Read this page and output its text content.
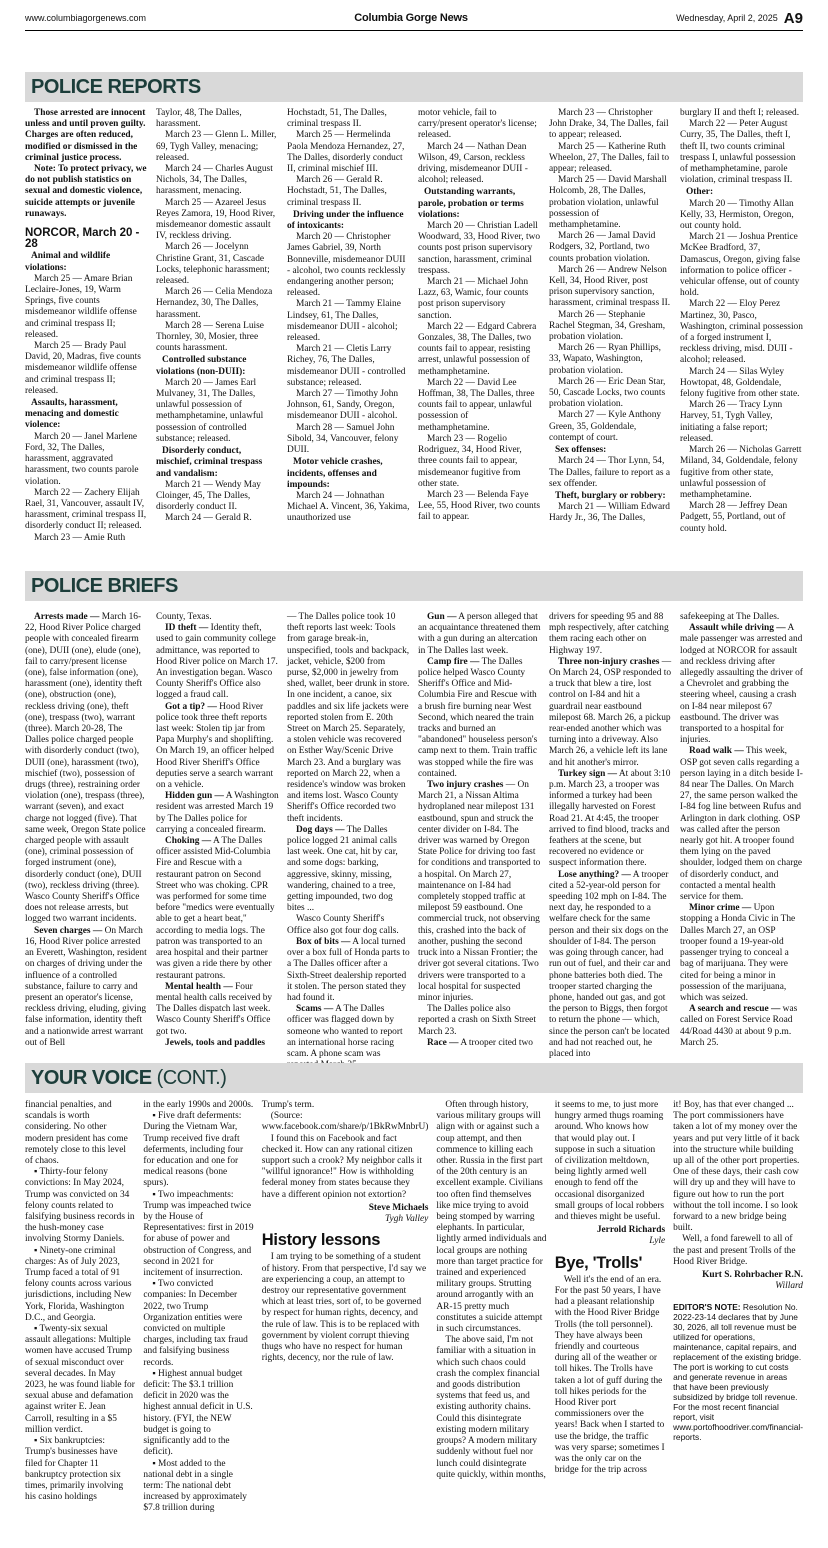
www.columbiagorgenews.com	Columbia Gorge News	Wednesday, April 2, 2025 A9
POLICE REPORTS

Those arrested are innocent unless and until proven guilty. Charges are often reduced, modified or dismissed in the criminal justice process.

Note: To protect privacy, we do not publish statistics on sexual and domestic violence, suicide attempts or juvenile runaways.

NORCOR, March 20 - 28

Animal and wildlife violations:

March 25 — Amare Brian Leclaire-Jones, 19, Warm Springs, five counts misdemeanor wildlife offense and criminal trespass II; released.

March 25 — Brady Paul David, 20, Madras, five counts misdemeanor wildlife offense and criminal trespass II; released.

Assaults, harassment, menacing and domestic violence:

March 20 — Janel Marlene Ford, 32, The Dalles, harassment, aggravated harassment, two counts parole violation.

March 22 — Zachery Elijah Rael, 31, Vancouver, assault IV, harassment, criminal trespass II, disorderly conduct II; released.

March 23 — Amie Ruth

Taylor, 48, The Dalles, harassment.

March 23 — Glenn L. Miller, 69, Tygh Valley, menacing; released.

March 24 — Charles August Nichols, 34, The Dalles, harassment, menacing.

March 25 — Azareel Jesus Reyes Zamora, 19, Hood River, misdemeanor domestic assault IV, reckless driving.

March 26 — Jocelynn Christine Grant, 31, Cascade Locks, telephonic harassment; released.

March 26 — Celia Mendoza Hernandez, 30, The Dalles, harassment.

March 28 — Serena Luise Thornley, 30, Mosier, three counts harassment.

Controlled substance violations (non-DUII):

March 20 — James Earl Mulvaney, 31, The Dalles, unlawful possession of methamphetamine, unlawful possession of controlled substance; released.

Disorderly conduct, mischief, criminal trespass and vandalism:

March 21 — Wendy May Cloinger, 45, The Dalles, disorderly conduct II.

March 24 — Gerald R.

Hochstadt, 51, The Dalles, criminal trespass II.

March 25 — Hermelinda Paola Mendoza Hernandez, 27, The Dalles, disorderly conduct II, criminal mischief III.

March 26 — Gerald R. Hochstadt, 51, The Dalles, criminal trespass II.

Driving under the influence of intoxicants:

March 20 — Christopher James Gabriel, 39, North Bonneville, misdemeanor DUII - alcohol, two counts recklessly endangering another person; released.

March 21 — Tammy Elaine Lindsey, 61, The Dalles, misdemeanor DUII - alcohol; released.

March 21 — Cletis Larry Richey, 76, The Dalles, misdemeanor DUII - controlled substance; released.

March 27 — Timothy John Johnson, 61, Sandy, Oregon, misdemeanor DUII - alcohol.

March 28 — Samuel John Sibold, 34, Vancouver, felony DUII.

Motor vehicle crashes, incidents, offenses and impounds:

March 24 — Johnathan Michael A. Vincent, 36, Yakima, unauthorized use

motor vehicle, fail to carry/present operator's license; released.

March 24 — Nathan Dean Wilson, 49, Carson, reckless driving, misdemeanor DUII - alcohol; released.

Outstanding warrants, parole, probation or terms violations:

March 20 — Christian Ladell Woodward, 33, Hood River, two counts post prison supervisory sanction, harassment, criminal trespass.

March 21 — Michael John Lazz, 63, Wamic, four counts post prison supervisory sanction.

March 22 — Edgard Cabrera Gonzales, 38, The Dalles, two counts fail to appear, resisting arrest, unlawful possession of methamphetamine.

March 22 — David Lee Hoffman, 38, The Dalles, three counts fail to appear, unlawful possession of methamphetamine.

March 23 — Rogelio Rodriguez, 34, Hood River, three counts fail to appear, misdemeanor fugitive from other state.

March 23 — Belenda Faye Lee, 55, Hood River, two counts fail to appear.

March 23 — Christopher John Drake, 34, The Dalles, fail to appear; released.

March 25 — Katherine Ruth Wheelon, 27, The Dalles, fail to appear; released.

March 25 — David Marshall Holcomb, 28, The Dalles, probation violation, unlawful possession of methamphetamine.

March 26 — Jamal David Rodgers, 32, Portland, two counts probation violation.

March 26 — Andrew Nelson Kell, 34, Hood River, post prison supervisory sanction, harassment, criminal trespass II.

March 26 — Stephanie Rachel Stegman, 34, Gresham, probation violation.

March 26 — Ryan Phillips, 33, Wapato, Washington, probation violation.

March 26 — Eric Dean Star, 50, Cascade Locks, two counts probation violation.

March 27 — Kyle Anthony Green, 35, Goldendale, contempt of court.

Sex offenses:

March 24 — Thor Lynn, 54, The Dalles, failure to report as a sex offender.

Theft, burglary or robbery:

March 21 — William Edward Hardy Jr., 36, The Dalles,

burglary II and theft I; released.

March 22 — Peter August Curry, 35, The Dalles, theft I, theft II, two counts criminal trespass I, unlawful possession of methamphetamine, parole violation, criminal trespass II.

Other:

March 20 — Timothy Allan Kelly, 33, Hermiston, Oregon, out county hold.

March 21 — Joshua Prentice McKee Bradford, 37, Damascus, Oregon, giving false information to police officer - vehicular offense, out of county hold.

March 22 — Eloy Perez Martinez, 30, Pasco, Washington, criminal possession of a forged instrument I, reckless driving, misd. DUII - alcohol; released.

March 24 — Silas Wyley Howtopat, 48, Goldendale, felony fugitive from other state.

March 26 — Tracy Lynn Harvey, 51, Tygh Valley, initiating a false report; released.

March 26 — Nicholas Garrett Miland, 34, Goldendale, felony fugitive from other state, unlawful possession of methamphetamine.

March 28 — Jeffrey Dean Padgett, 55, Portland, out of county hold.

POLICE BRIEFS

Arrests made — March 16-22, Hood River Police charged people with concealed firearm (one), DUII (one), elude (one), fail to carry/present license (one), false information (one), harassment (one), identity theft (one), obstruction (one), reckless driving (one), theft (one), trespass (two), warrant (three). March 20-28, The Dalles police charged people with disorderly conduct (two), DUII (one), harassment (two), mischief (two), possession of drugs (three), restraining order violation (one), trespass (three), warrant (seven), and exact charge not logged (five). That same week, Oregon State police charged people with assault (one), criminal possession of forged instrument (one), disorderly conduct (one), DUII (two), reckless driving (three). Wasco County Sheriff's Office does not release arrests, but logged two warrant incidents.

Seven charges — On March 16, Hood River police arrested an Everett, Washington, resident on charges of driving under the influence of a controlled substance, failure to carry and present an operator's license, reckless driving, eluding, giving false information, identity theft and a nationwide arrest warrant out of Bell

County, Texas.

ID theft — Identity theft, used to gain community college admittance, was reported to Hood River police on March 17. An investigation began. Wasco County Sheriff's Office also logged a fraud call.

Got a tip? — Hood River police took three theft reports last week: Stolen tip jar from Papa Murphy's and shoplifting. On March 19, an officer helped Hood River Sheriff's Office deputies serve a search warrant on a vehicle.

Hidden gun — A Washington resident was arrested March 19 by The Dalles police for carrying a concealed firearm.

Choking — A The Dalles officer assisted Mid-Columbia Fire and Rescue with a restaurant patron on Second Street who was choking. CPR was performed for some time before "medics were eventually able to get a heart beat," according to media logs. The patron was transported to an area hospital and their partner was given a ride there by other restaurant patrons.

Mental health — Four mental health calls received by The Dalles dispatch last week. Wasco County Sheriff's Office got two.

Jewels, tools and paddles

— The Dalles police took 10 theft reports last week: Tools from garage break-in, unspecified, tools and backpack, jacket, vehicle, $200 from purse, $2,000 in jewelry from shed, wallet, beer drunk in store. In one incident, a canoe, six paddles and six life jackets were reported stolen from E. 20th Street on March 25. Separately, a stolen vehicle was recovered on Esther Way/Scenic Drive March 23. And a burglary was reported on March 22, when a residence's window was broken and items lost. Wasco County Sheriff's Office recorded two theft incidents.

Dog days — The Dalles police logged 21 animal calls last week. One cat, hit by car, and some dogs: barking, aggressive, skinny, missing, wandering, chained to a tree, getting impounded, two dog bites ...

Wasco County Sheriff's Office also got four dog calls.

Box of bits — A local turned over a box full of Honda parts to a The Dalles officer after a Sixth-Street dealership reported it stolen. The person stated they had found it.

Scams — A The Dalles officer was flagged down by someone who wanted to report an international horse racing scam. A phone scam was

Gun — A person alleged that an acquaintance threatened them with a gun during an altercation in The Dalles last week.

Camp fire — The Dalles police helped Wasco County Sheriff's Office and Mid-Columbia Fire and Rescue with a brush fire burning near West Second, which neared the train tracks and burned an "abandoned" houseless person's camp next to them. Train traffic was stopped while the fire was contained.

Two injury crashes — On March 21, a Nissan Altima hydroplaned near milepost 131 eastbound, spun and struck the center divider on I-84. The driver was warned by Oregon State Police for driving too fast for conditions and transported to a hospital. On March 27, maintenance on I-84 had completely stopped traffic at milepost 59 eastbound. One commercial truck, not observing this, crashed into the back of another, pushing the second truck into a Nissan Frontier; the driver got several citations. Two drivers were transported to a local hospital for suspected minor injuries.

The Dalles police also reported a crash on Sixth Street March 23.

Race — A trooper cited two

drivers for speeding 95 and 88 mph respectively, after catching them racing each other on Highway 197.

Three non-injury crashes — On March 24, OSP responded to a truck that blew a tire, lost control on I-84 and hit a guardrail near eastbound milepost 68. March 26, a pickup rear-ended another which was turning into a driveway. Also March 26, a vehicle left its lane and hit another's mirror.

Turkey sign — At about 3:10 p.m. March 23, a trooper was informed a turkey had been illegally harvested on Forest Road 21. At 4:45, the trooper arrived to find blood, tracks and feathers at the scene, but recovered no evidence or suspect information there.

Lose anything? — A trooper cited a 52-year-old person for speeding 102 mph on I-84. The next day, he responded to a welfare check for the same person and their six dogs on the shoulder of I-84. The person was going through cancer, had run out of fuel, and their car and phone batteries both died. The trooper started charging the phone, handed out gas, and got the person to Biggs, then forgot to return the phone — which, since the person can't be located and had not reached out, he placed into

safekeeping at The Dalles.

Assault while driving — A male passenger was arrested and lodged at NORCOR for assault and reckless driving after allegedly assaulting the driver of a Chevrolet and grabbing the steering wheel, causing a crash on I-84 near milepost 67 eastbound. The driver was transported to a hospital for injuries.

Road walk — This week, OSP got seven calls regarding a person laying in a ditch beside I-84 near The Dalles. On March 27, the same person walked the I-84 fog line between Rufus and Arlington in dark clothing. OSP was called after the person nearly got hit. A trooper found them lying on the paved shoulder, lodged them on charge of disorderly conduct, and contacted a mental health service for them.

Minor crime — Upon stopping a Honda Civic in The Dalles March 27, an OSP trooper found a 19-year-old passenger trying to conceal a bag of marijuana. They were cited for being a minor in possession of the marijuana, which was seized.

A search and rescue — was called on Forest Service Road 44/Road 4430 at about 9 p.m. March 25.

YOUR VOICE (CONT.)

financial penalties, and scandals is worth considering. No other modern president has come remotely close to this level of chaos.

▪ Thirty-four felony convictions: In May 2024, Trump was convicted on 34 felony counts related to falsifying business records in the hush-money case involving Stormy Daniels.

▪ Ninety-one criminal charges: As of July 2023, Trump faced a total of 91 felony counts across various jurisdictions, including New York, Florida, Washington D.C., and Georgia.

▪ Twenty-six sexual assault allegations: Multiple women have accused Trump of sexual misconduct over several decades. In May 2023, he was found liable for sexual abuse and defamation against writer E. Jean Carroll, resulting in a $5 million verdict.

▪ Six bankruptcies: Trump's businesses have filed for Chapter 11 bankruptcy protection six times, primarily involving his casino holdings

in the early 1990s and 2000s.

▪ Five draft deferments: During the Vietnam War, Trump received five draft deferments, including four for education and one for medical reasons (bone spurs).

▪ Two impeachments: Trump was impeached twice by the House of Representatives: first in 2019 for abuse of power and obstruction of Congress, and second in 2021 for incitement of insurrection.

▪ Two convicted companies: In December 2022, two Trump Organization entities were convicted on multiple charges, including tax fraud and falsifying business records.

▪ Highest annual budget deficit: The $3.1 trillion deficit in 2020 was the highest annual deficit in U.S. history. (FYI, the NEW budget is going to significantly add to the deficit).

▪ Most added to the national debt in a single term: The national debt increased by approximately $7.8 trillion during

Trump's term.

(Source: www.facebook.com/share/p/1BkRwMnbrU)

I found this on Facebook and fact checked it. How can any rational citizen support such a crook? My neighbor calls it "willful ignorance!" How is withholding federal money from states because they have a different opinion not extortion?

Steve Michaels

Tygh Valley

History lessons

I am trying to be something of a student of history. From that perspective, I'd say we are experiencing a coup, an attempt to destroy our representative government which at least tries, sort of, to be governed by respect for human rights, decency, and the rule of law. This is to be replaced with government by violent corrupt thieving thugs who have no respect for human rights, decency, nor the rule of law.

Often through history, various military groups will align with or against such a coup attempt, and then commence to killing each other. Russia in the first part of the 20th century is an excellent example. Civilians too often find themselves like mice trying to avoid being stomped by warring elephants. In particular, lightly armed individuals and local groups are nothing more than target practice for trained and experienced military groups. Strutting around arrogantly with an AR-15 pretty much constitutes a suicide attempt in such circumstances.

The above said, I'm not familiar with a situation in which such chaos could crash the complex financial and goods distribution systems that feed us, and existing authority chains. Could this disintegrate existing modern military groups? A modern military suddenly without fuel nor lunch could disintegrate quite quickly, within months,

it seems to me, to just more hungry armed thugs roaming around. Who knows how that would play out. I suppose in such a situation of civilization meltdown, being lightly armed well enough to fend off the occasional disorganized small groups of local robbers and thieves might be useful.

Jerrold Richards

Lyle

Bye, 'Trolls'

Well it's the end of an era. For the past 50 years, I have had a pleasant relationship with the Hood River Bridge Trolls (the toll personnel). They have always been friendly and courteous during all of the weather or toll hikes. The Trolls have taken a lot of guff during the toll hikes periods for the Hood River port commissioners over the years! Back when I started to use the bridge, the traffic was very sparse; sometimes I was the only car on the bridge for the trip across

it! Boy, has that ever changed ... The port commissioners have taken a lot of my money over the years and put very little of it back into the structure while building up all of the other port properties. One of these days, their cash cow will dry up and they will have to figure out how to run the port without the toll income. I so look forward to a new bridge being built.

Well, a fond farewell to all of the past and present Trolls of the Hood River Bridge.

Kurt S. Rohrbacher R.N.

Willard

EDITOR'S NOTE: Resolution No. 2022-23-14 declares that by June 30, 2026, all toll revenue must be utilized for operations, maintenance, capital repairs, and replacement of the existing bridge. The port is working to cut costs and generate revenue in areas that have been previously subsidized by bridge toll revenue. For the most recent financial report, visit www.portofhoodriver.com/financial-reports.
